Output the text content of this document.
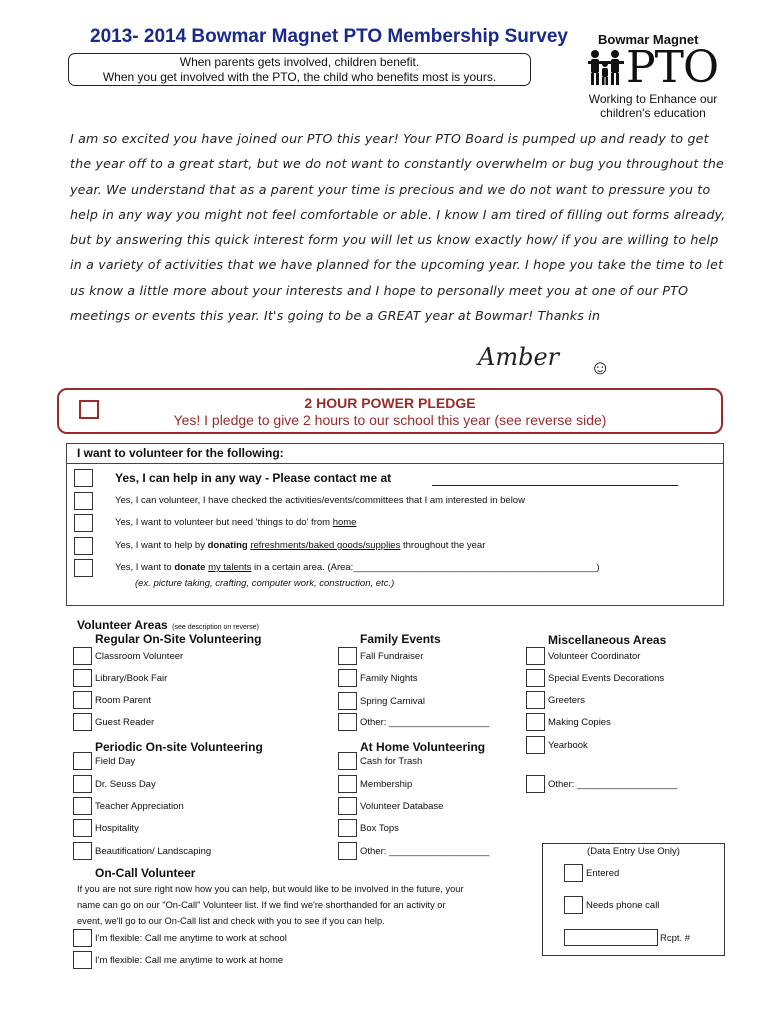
2013- 2014 Bowmar Magnet PTO Membership Survey
When parents gets involved, children benefit.
When you get involved with the PTO, the child who benefits most is yours.
Bowmar Magnet
PTO
Working to Enhance our children's education
I am so excited you have joined our PTO this year! Your PTO Board is pumped up and ready to get the year off to a great start, but we do not want to constantly overwhelm or bug you throughout the year. We understand that as a parent your time is precious and we do not want to pressure you to help in any way you might not feel comfortable or able. I know I am tired of filling out forms already, but by answering this quick interest form you will let us know exactly how/ if you are willing to help in a variety of activities that we have planned for the upcoming year. I hope you take the time to let us know a little more about your interests and I hope to personally meet you at one of our PTO meetings or events this year. It's going to be a GREAT year at Bowmar! Thanks in
Amber ☺
2 HOUR POWER PLEDGE
Yes! I pledge to give 2 hours to our school this year (see reverse side)
I want to volunteer for the following:
Yes, I can help in any way - Please contact me at
Yes, I can volunteer, I have checked the activities/events/committees that I am interested in below
Yes, I want to volunteer but need 'things to do' from home
Yes, I want to help by donating refreshments/baked goods/supplies throughout the year
Yes, I want to donate my talents in a certain area. (Area:______________________________________________)
(ex. picture taking, crafting, computer work, construction, etc.)
Volunteer Areas (see description on reverse)
Regular On-Site Volunteering	Family Events	Miscellaneous Areas
Classroom Volunteer
Library/Book Fair
Room Parent
Guest Reader
Periodic On-site Volunteering
Field Day
Dr. Seuss Day
Teacher Appreciation
Hospitality
Beautification/ Landscaping
Fall Fundraiser
Family Nights
Spring Carnival
Other: ___________________
At Home Volunteering
Cash for Trash
Membership
Volunteer Database
Box Tops
Other: ___________________
Volunteer Coordinator
Special Events Decorations
Greeters
Making Copies
Yearbook
Other: ___________________
On-Call Volunteer
If you are not sure right now how you can help, but would like to be involved in the future, your
name can go on our "On-Call" Volunteer list. If we find we're shorthanded for an activity or
event, we'll go to our On-Call list and check with you to see if you can help.
I'm flexible: Call me anytime to work at school
I'm flexible: Call me anytime to work at home
(Data Entry Use Only)
Entered
Needs phone call
Rcpt. #
